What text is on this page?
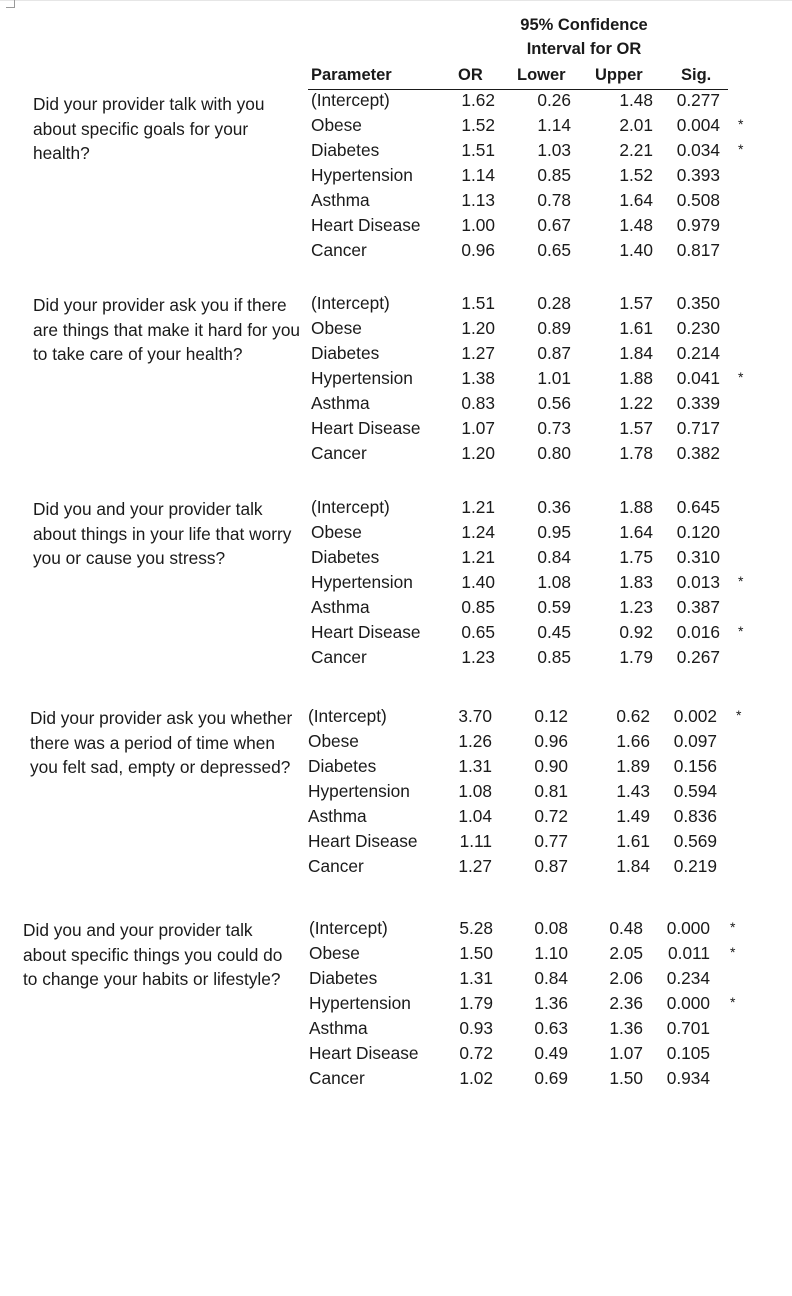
95% Confidence
Interval for OR
Parameter	OR Lower Upper Sig.
Did your provider talk with you about specific goals for your health?
(Intercept)	1.62 0.26	1.48 0.277
Obese	1.52 1.14	2.01 0.004 *
Diabetes	1.51 1.03	2.21 0.034 *
Hypertension	1.14 0.85	1.52 0.393
Asthma	1.13 0.78	1.64 0.508
Heart Disease 1.00 0.67	1.48 0.979
Cancer	0.96 0.65	1.40 0.817
Did your provider ask you if there are things that make it hard for you to take care of your health?
(Intercept)	1.51 0.28	1.57 0.350
Obese	1.20 0.89	1.61 0.230
Diabetes	1.27 0.87	1.84 0.214
Hypertension	1.38 1.01	1.88 0.041 *
Asthma	0.83 0.56	1.22 0.339
Heart Disease 1.07 0.73	1.57 0.717
Cancer	1.20 0.80	1.78 0.382
Did you and your provider talk about things in your life that worry you or cause you stress?
(Intercept)	1.21 0.36	1.88 0.645
Obese	1.24 0.95	1.64 0.120
Diabetes	1.21 0.84	1.75 0.310
Hypertension	1.40 1.08	1.83 0.013 *
Asthma	0.85 0.59	1.23 0.387
Heart Disease 0.65 0.45	0.92 0.016 *
Cancer	1.23 0.85	1.79 0.267
Did your provider ask you whether there was a period of time when you felt sad, empty or depressed?
(Intercept)	3.70 0.12	0.62 0.002 *
Obese	1.26 0.96	1.66 0.097
Diabetes	1.31 0.90	1.89 0.156
Hypertension	1.08 0.81	1.43 0.594
Asthma	1.04 0.72	1.49 0.836
Heart Disease 1.11 0.77	1.61 0.569
Cancer	1.27 0.87	1.84 0.219
Did you and your provider talk about specific things you could do to change your habits or lifestyle?
(Intercept)	5.28 0.08 0.48 0.000 *
Obese	1.50 1.10 2.05 0.011 *
Diabetes	1.31 0.84 2.06 0.234
Hypertension	1.79 1.36 2.36 0.000 *
Asthma	0.93 0.63 1.36 0.701
Heart Disease 0.72 0.49 1.07 0.105
Cancer	1.02 0.69 1.50 0.934
